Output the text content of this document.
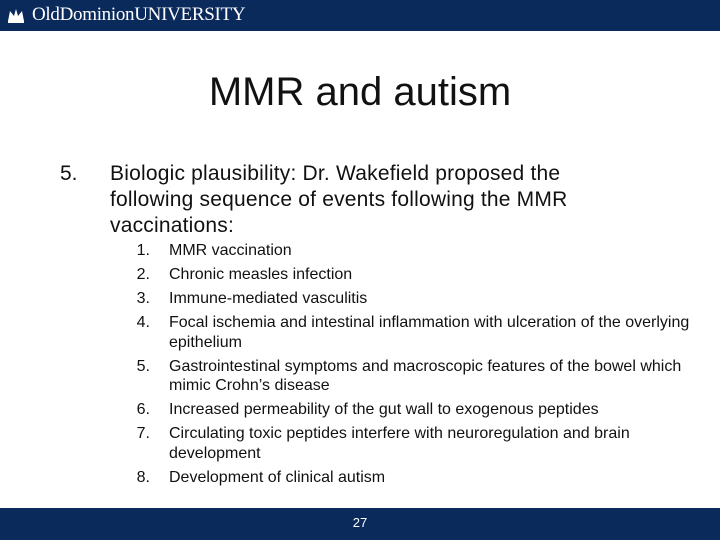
OldDominionUNIVERSITY
MMR and autism
5. Biologic plausibility: Dr. Wakefield proposed the following sequence of events following the MMR vaccinations:
1. MMR vaccination
2. Chronic measles infection
3. Immune-mediated vasculitis
4. Focal ischemia and intestinal inflammation with ulceration of the overlying epithelium
5. Gastrointestinal symptoms and macroscopic features of the bowel which mimic Crohn’s disease
6. Increased permeability of the gut wall to exogenous peptides
7. Circulating toxic peptides interfere with neuroregulation and brain development
8. Development of clinical autism
27
